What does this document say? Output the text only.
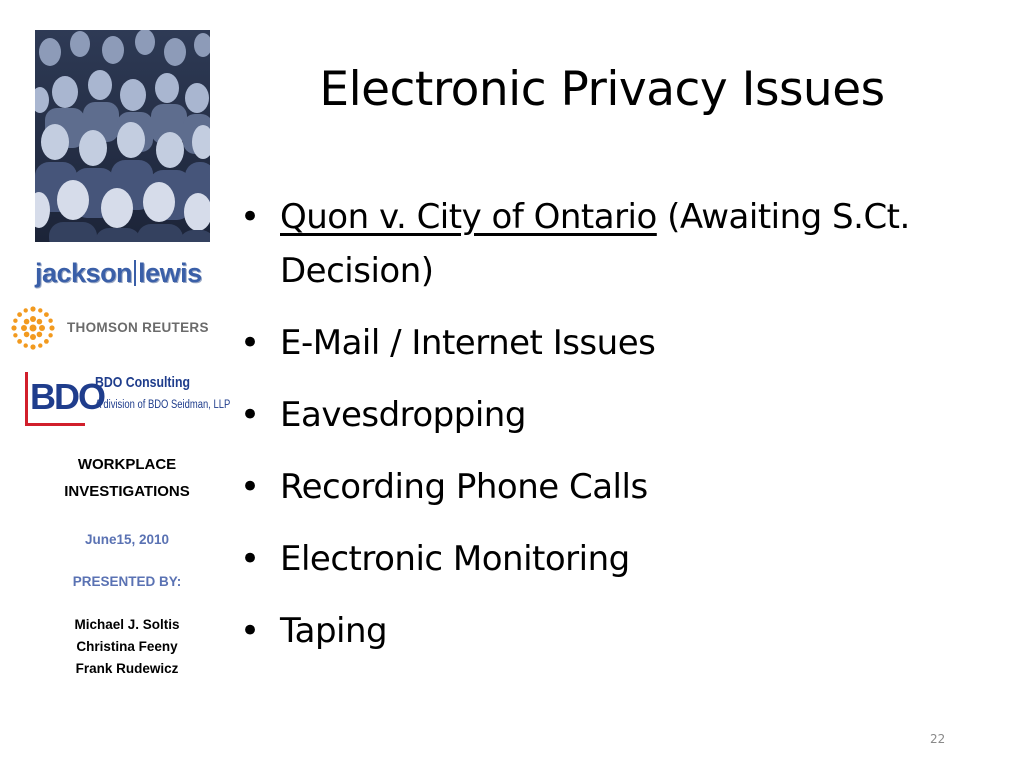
jackson lewis
THOMSON REUTERS
BDO
BDO Consulting
A division of BDO Seidman, LLP
WORKPLACE
INVESTIGATIONS
June15, 2010
PRESENTED BY:
Michael J. Soltis
Christina Feeny
Frank Rudewicz
Electronic Privacy Issues
• Quon v. City of Ontario (Awaiting S.Ct. Decision)
• E-Mail / Internet Issues
• Eavesdropping
• Recording Phone Calls
• Electronic Monitoring
• Taping
22
